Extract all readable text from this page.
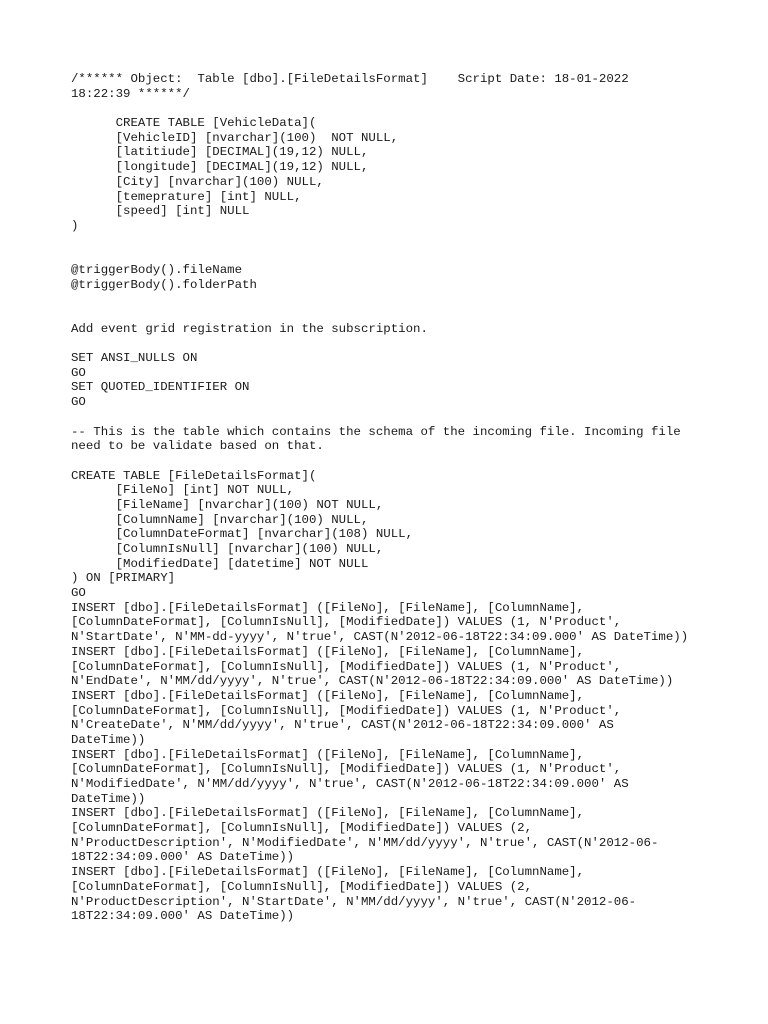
/****** Object:  Table [dbo].[FileDetailsFormat]    Script Date: 18-01-2022
18:22:39 ******/

CREATE TABLE [VehicleData](
[VehicleID] [nvarchar](100)  NOT NULL,
[latitiude] [DECIMAL](19,12) NULL,
[longitude] [DECIMAL](19,12) NULL,
[City] [nvarchar](100) NULL,
[temeprature] [int] NULL,
[speed] [int] NULL
)

@triggerBody().fileName
@triggerBody().folderPath

Add event grid registration in the subscription.

SET ANSI_NULLS ON
GO
SET QUOTED_IDENTIFIER ON
GO

-- This is the table which contains the schema of the incoming file. Incoming file
need to be validate based on that.

CREATE TABLE [FileDetailsFormat](
[FileNo] [int] NOT NULL,
[FileName] [nvarchar](100) NOT NULL,
[ColumnName] [nvarchar](100) NULL,
[ColumnDateFormat] [nvarchar](108) NULL,
[ColumnIsNull] [nvarchar](100) NULL,
[ModifiedDate] [datetime] NOT NULL
) ON [PRIMARY]
GO
INSERT [dbo].[FileDetailsFormat] ([FileNo], [FileName], [ColumnName],
[ColumnDateFormat], [ColumnIsNull], [ModifiedDate]) VALUES (1, N'Product',
N'StartDate', N'MM-dd-yyyy', N'true', CAST(N'2012-06-18T22:34:09.000' AS DateTime))
INSERT [dbo].[FileDetailsFormat] ([FileNo], [FileName], [ColumnName],
[ColumnDateFormat], [ColumnIsNull], [ModifiedDate]) VALUES (1, N'Product',
N'EndDate', N'MM/dd/yyyy', N'true', CAST(N'2012-06-18T22:34:09.000' AS DateTime))
INSERT [dbo].[FileDetailsFormat] ([FileNo], [FileName], [ColumnName],
[ColumnDateFormat], [ColumnIsNull], [ModifiedDate]) VALUES (1, N'Product',
N'CreateDate', N'MM/dd/yyyy', N'true', CAST(N'2012-06-18T22:34:09.000' AS
DateTime))
INSERT [dbo].[FileDetailsFormat] ([FileNo], [FileName], [ColumnName],
[ColumnDateFormat], [ColumnIsNull], [ModifiedDate]) VALUES (1, N'Product',
N'ModifiedDate', N'MM/dd/yyyy', N'true', CAST(N'2012-06-18T22:34:09.000' AS
DateTime))
INSERT [dbo].[FileDetailsFormat] ([FileNo], [FileName], [ColumnName],
[ColumnDateFormat], [ColumnIsNull], [ModifiedDate]) VALUES (2,
N'ProductDescription', N'ModifiedDate', N'MM/dd/yyyy', N'true', CAST(N'2012-06-
18T22:34:09.000' AS DateTime))
INSERT [dbo].[FileDetailsFormat] ([FileNo], [FileName], [ColumnName],
[ColumnDateFormat], [ColumnIsNull], [ModifiedDate]) VALUES (2,
N'ProductDescription', N'StartDate', N'MM/dd/yyyy', N'true', CAST(N'2012-06-
18T22:34:09.000' AS DateTime))
